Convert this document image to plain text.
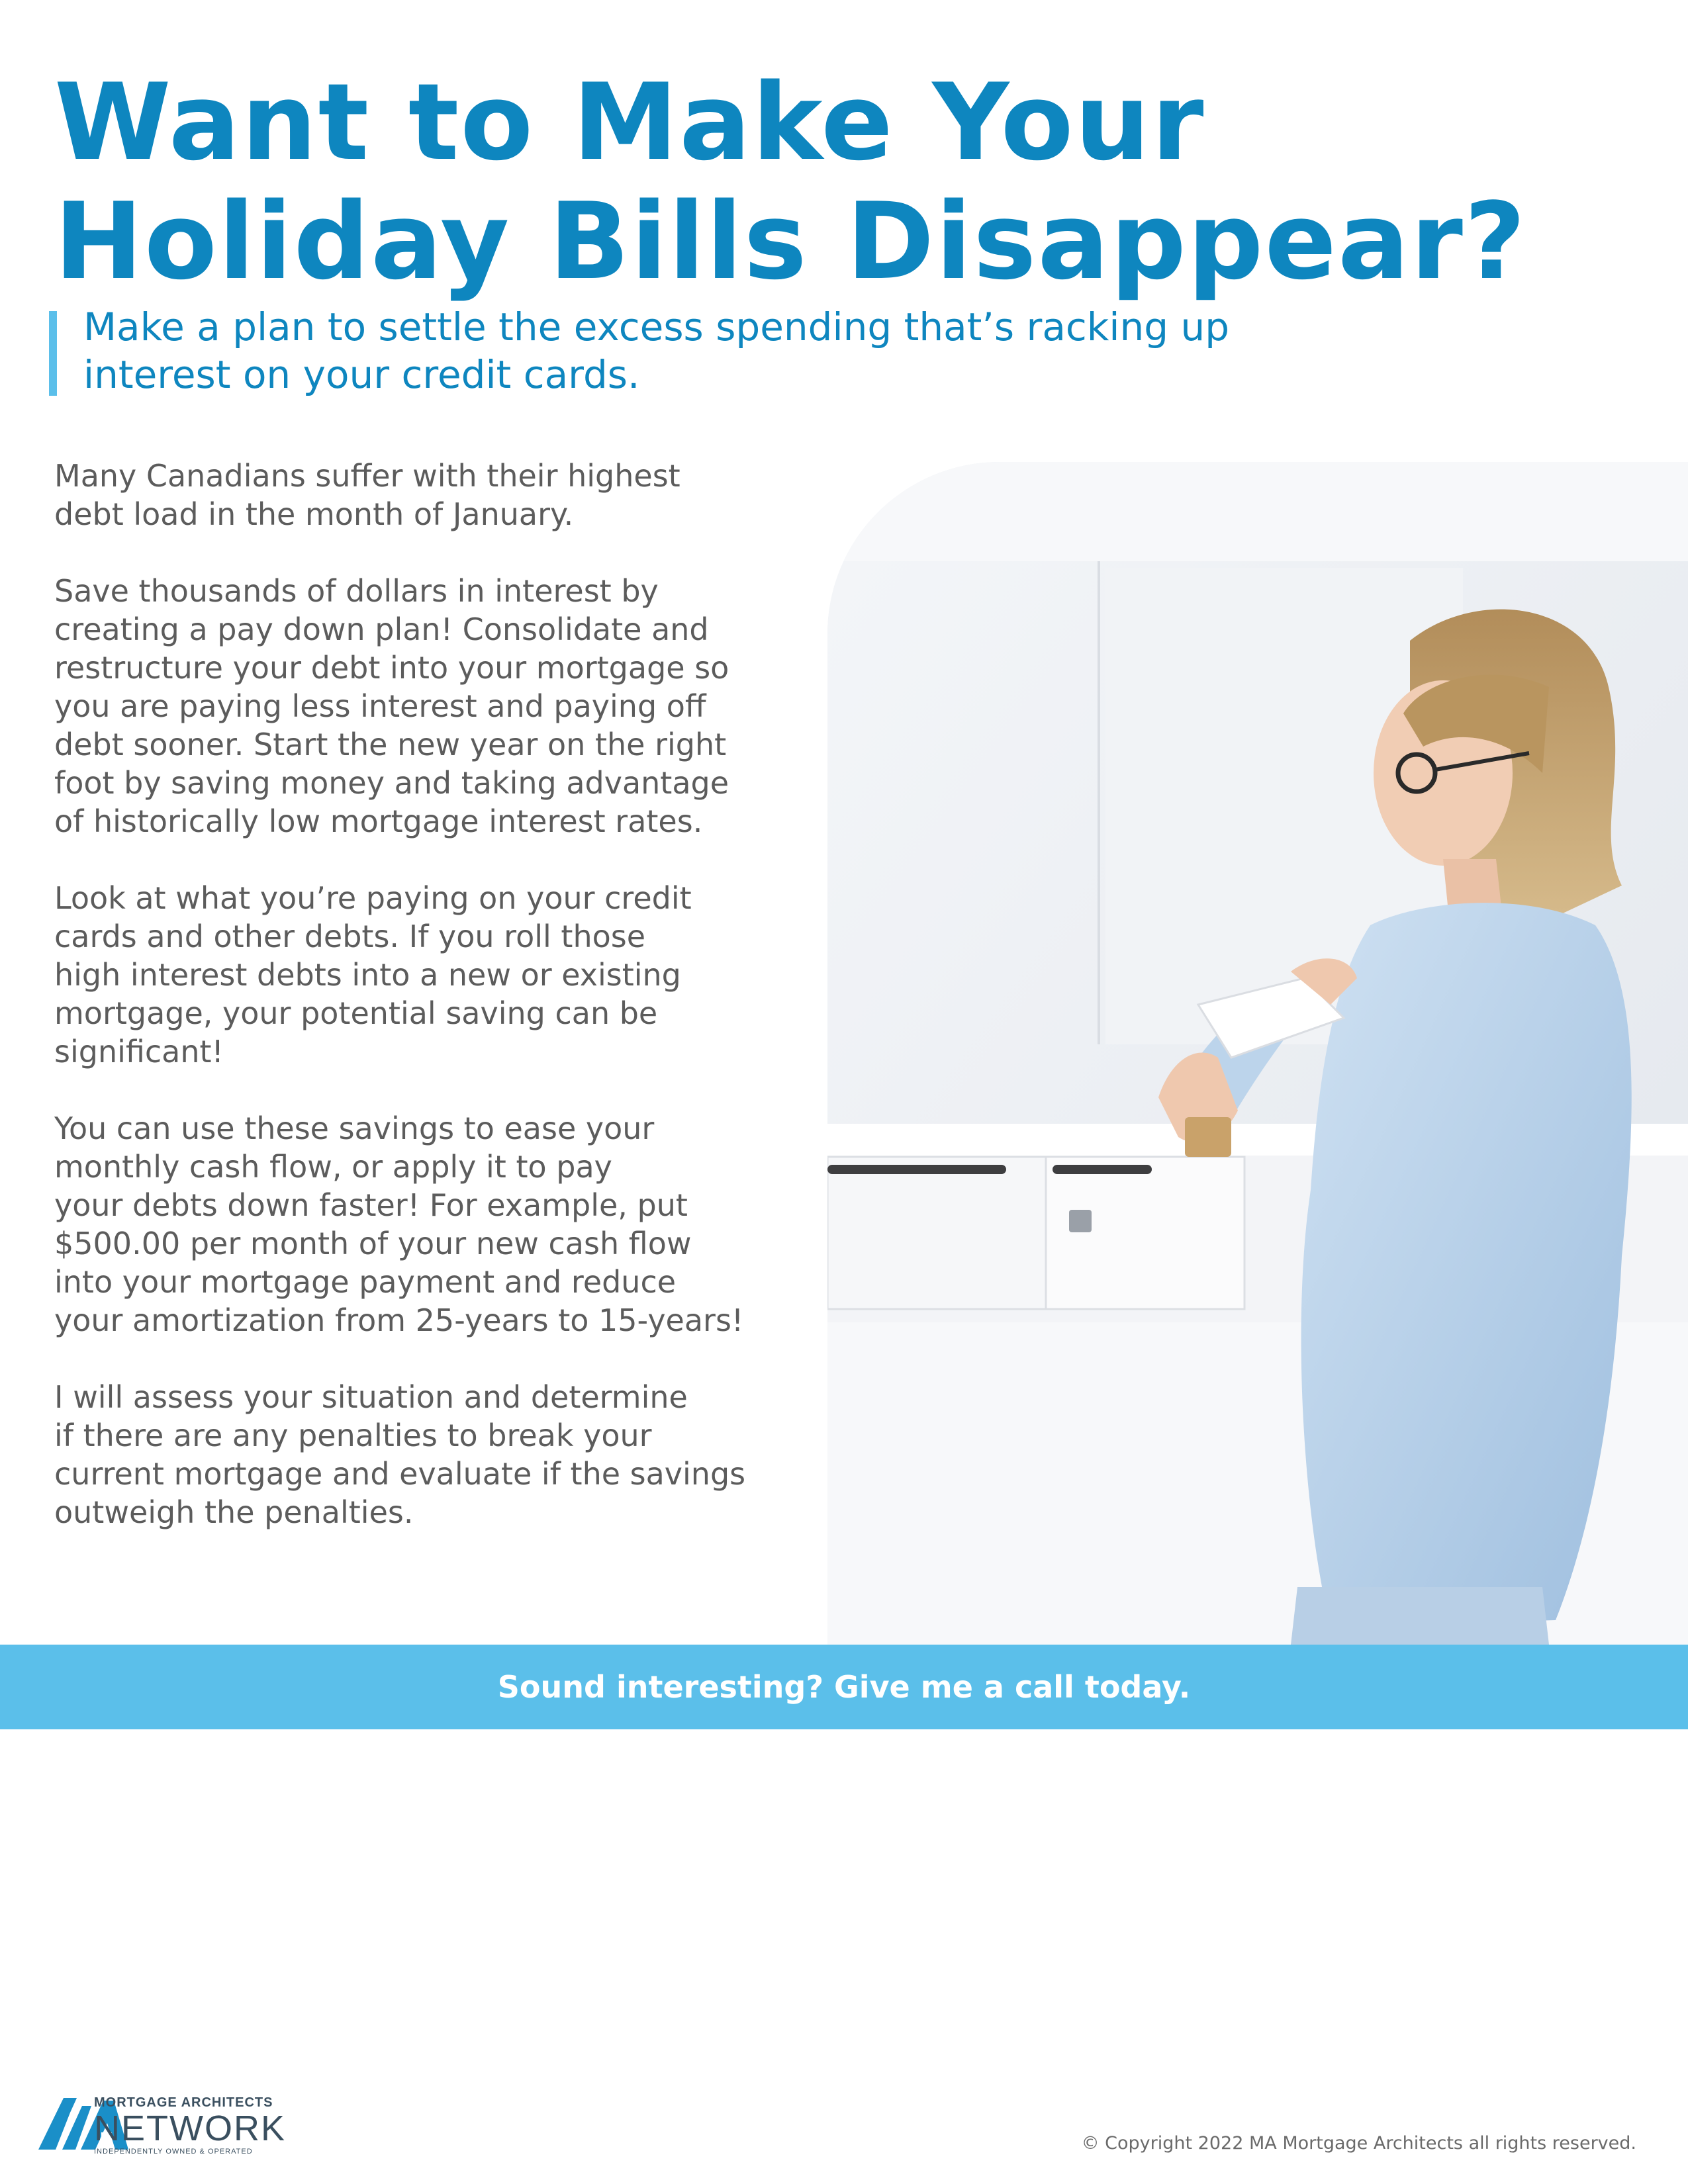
Want to Make Your
Holiday Bills Disappear?
Make a plan to settle the excess spending that’s racking up
interest on your credit cards.

Many Canadians suffer with their highest
debt load in the month of January.

Save thousands of dollars in interest by
creating a pay down plan! Consolidate and
restructure your debt into your mortgage so
you are paying less interest and paying off
debt sooner. Start the new year on the right
foot by saving money and taking advantage
of historically low mortgage interest rates.

Look at what you’re paying on your credit
cards and other debts. If you roll those
high interest debts into a new or existing
mortgage, your potential saving can be
significant!

You can use these savings to ease your
monthly cash flow, or apply it to pay
your debts down faster! For example, put
$500.00 per month of your new cash flow
into your mortgage payment and reduce
your amortization from 25-years to 15-years!

I will assess your situation and determine
if there are any penalties to break your
current mortgage and evaluate if the savings
outweigh the penalties.

Sound interesting? Give me a call today.
MORTGAGE ARCHITECTS
NETWORK
INDEPENDENTLY OWNED & OPERATED	© Copyright 2022 MA Mortgage Architects all rights reserved.
